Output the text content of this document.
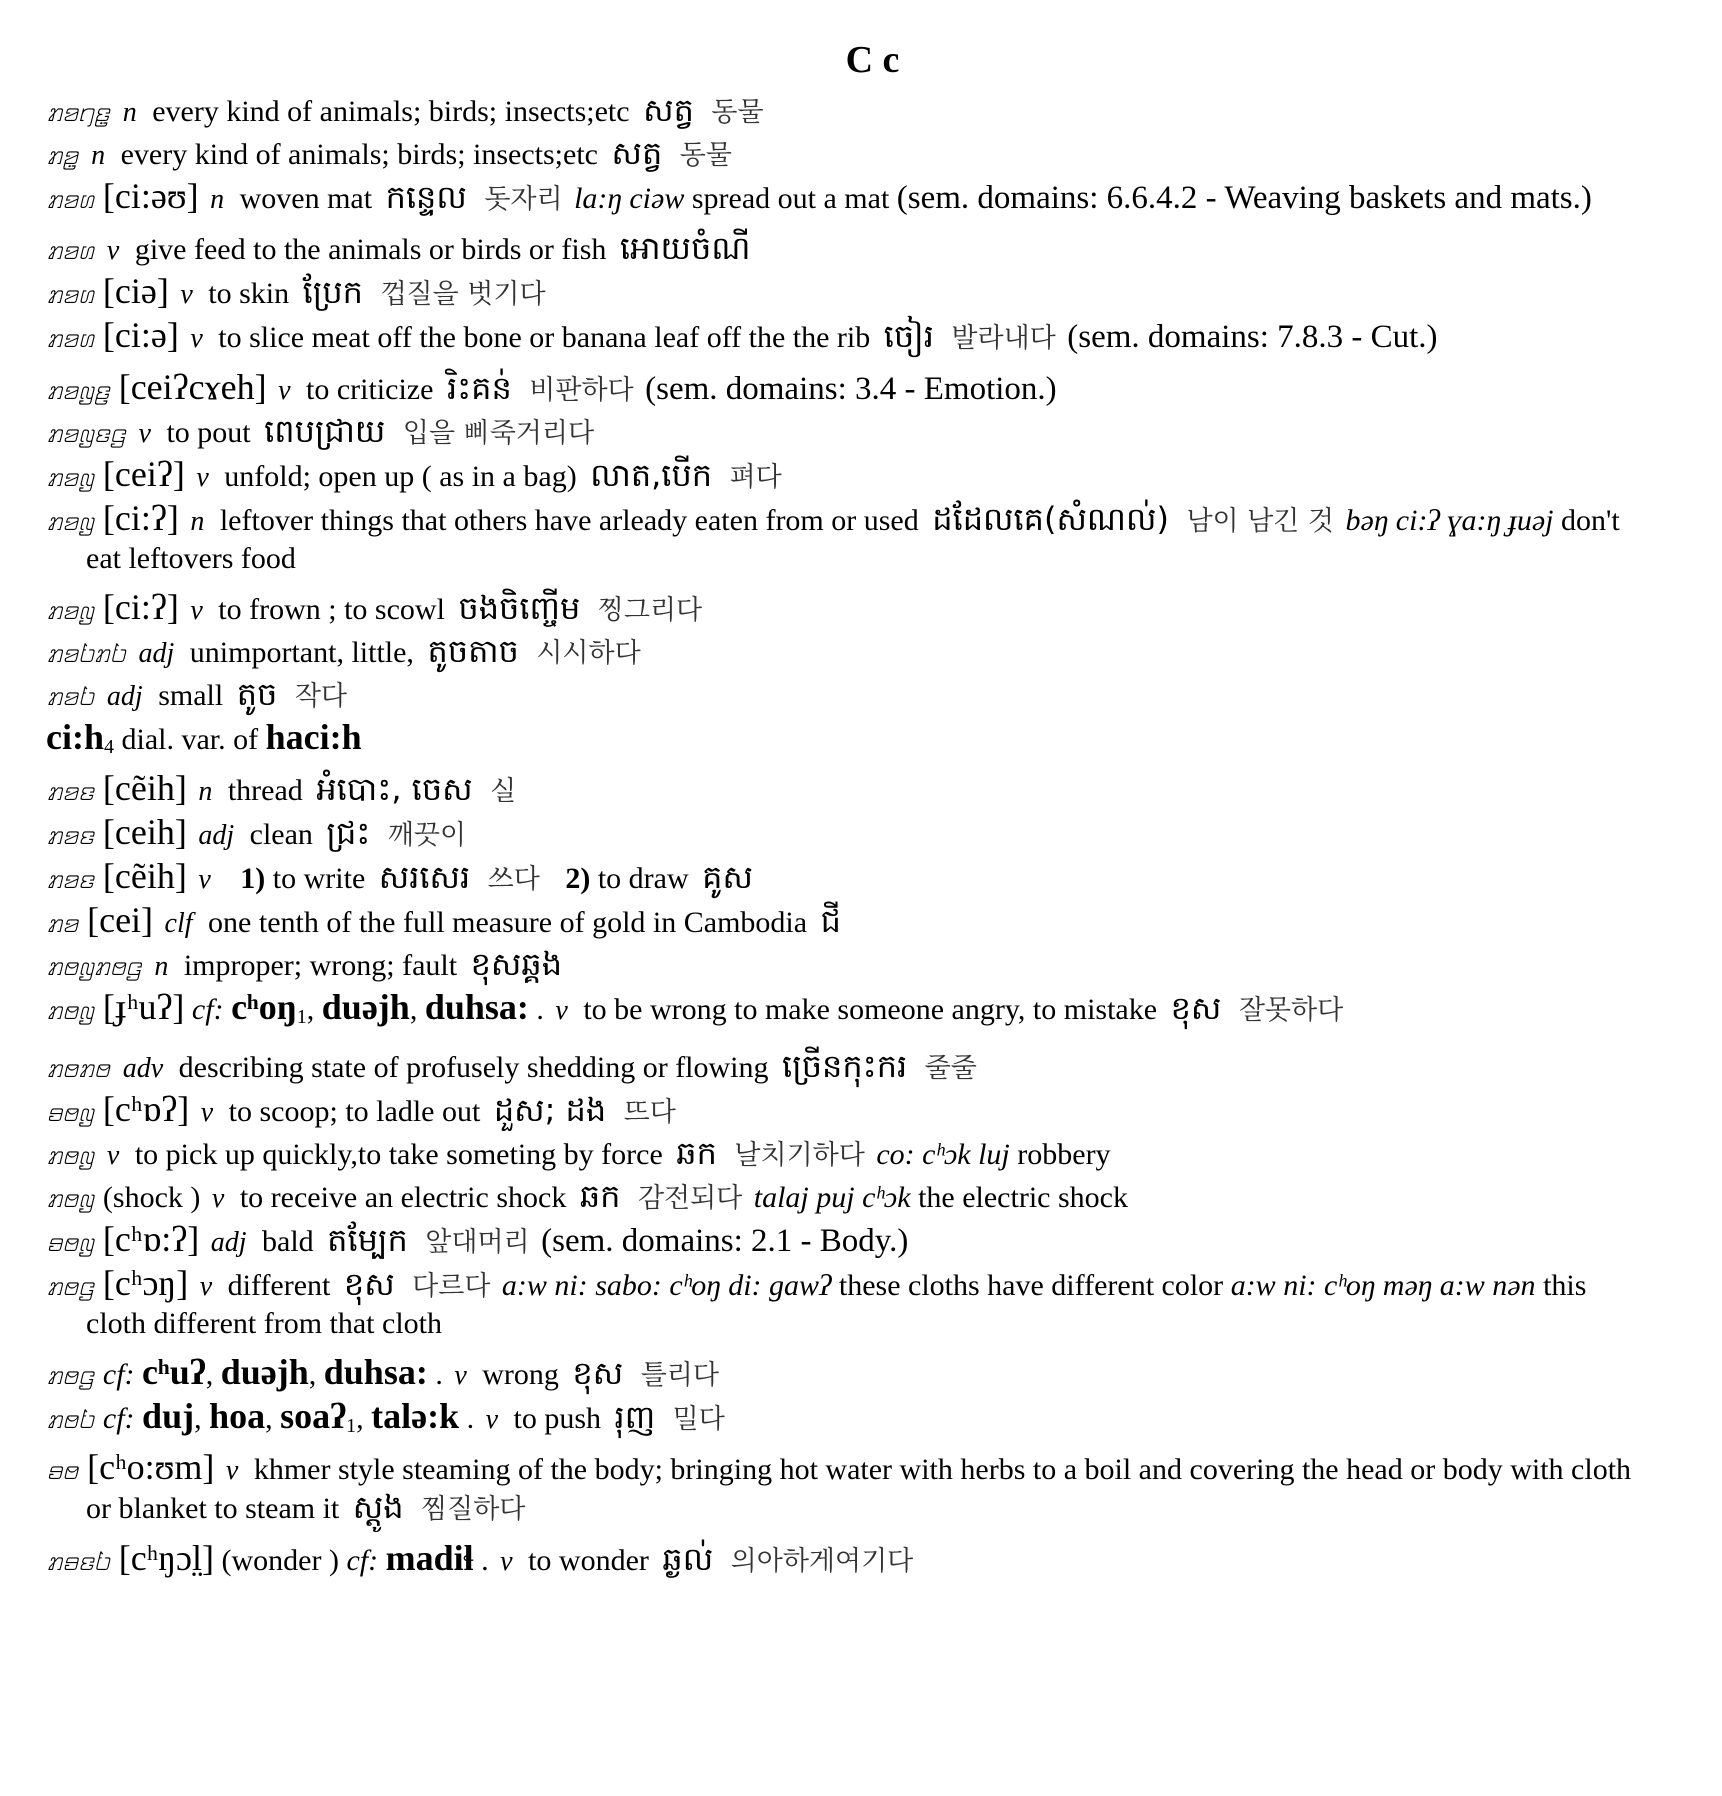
C c
ꤊꤤꤚꤢ꤭ n every kind of animals; birds; insects;etc សត្វ 동물
ꤊꤤ꤭ n every kind of animals; birds; insects;etc សត្វ 동물
ꤊꤤꤛ [ci:əʊ] n woven mat កន្ទេល 돗자리 la:ŋ ciəw spread out a mat (sem. domains: 6.6.4.2 - Weaving baskets and mats.)
ꤊꤤꤛ v give feed to the animals or birds or fish អោយចំណី
ꤊꤤꤛ [ciə] v to skin ប្រែក 껍질을 벗기다
ꤊꤤꤛ [ci:ə] v to slice meat off the bone or banana leaf off the the rib ចៀរ 발라내다 (sem. domains: 7.8.3 - Cut.)
ꤊꤤꤜꤢ꤬ [ceiʔcɤeh] v to criticize រិះគន់ 비판하다 (sem. domains: 3.4 - Emotion.)
ꤊꤤꤜꤢꤞ v to pout ពេបជ្រាយ 입을 삐죽거리다
ꤊꤤꤜ [ceiʔ] v unfold; open up ( as in a bag) លាត,បើក 펴다
ꤊꤤꤜ [ci:ʔ] n leftover things that others have arleady eaten from or used ដដែលគេ(សំណល់) 남이 남긴 것 bəŋ ci:ʔ ɣa:ŋ ɟuəj don't eat leftovers food
ꤊꤤꤜ [ci:ʔ] v to frown ; to scowl ចងចិញ្ចើម 찡그리다
ꤊꤤꤝꤊꤝ adj unimportant, little, តូចតាច 시시하다
ꤊꤤꤝ adj small តូច 작다
$ci:h_4$ dial. var. of haci:h
ꤊꤤꤢ [cẽih] n thread អំបោះ, ចេស 실
ꤊꤤꤢ [ceih] adj clean ជ្រះ 깨끗이
ꤊꤤꤢ [cẽih] v 1) to write សរសេរ 쓰다 2) to draw គូស
ꤊꤤ [cei] clf one tenth of the full measure of gold in Cambodia ជី
ꤊꤥꤜꤊꤥꤞ n improper; wrong; fault ខុសឆ្គង
ꤊꤥꤜ [ɟʰuʔ] cf: cʰoŋ$_1$, duəjh, duhsa: . v to be wrong to make someone angry, to mistake ខុស 잘못하다
ꤊꤥꤊꤥ adv describing state of profusely shedding or flowing ច្រើនកុះករ 줄줄
ꤋꤥꤜ [cʰɒʔ] v to scoop; to ladle out ដួស; ដង 뜨다
ꤊꤥꤜ v to pick up quickly,to take someting by force ឆក 날치기하다 co: cʰɔk luj robbery
ꤊꤥꤜ (shock ) v to receive an electric shock ឆក 감전되다 talaj puj cʰɔk the electric shock
ꤋꤥꤜ [cʰɒ:ʔ] adj bald តម្បែក 앞대머리 (sem. domains: 2.1 - Body.)
ꤊꤥꤞ [cʰɔŋ] v different ខុស 다르다 a:w ni: sabo: cʰoŋ di: gawʔ these cloths have different color a:w ni: cʰoŋ məŋ a:w nən this cloth different from that cloth
ꤊꤥꤞ cf: cʰuʔ, duəjh, duhsa: . v wrong ខុស 틀리다
ꤊꤥꤝ cf: duj, hoa, soaʔ$_1$, talə:k . v to push រុញ 밀다
ꤋꤥ [cʰo:ʊm] v khmer style steaming of the body; bringing hot water with herbs to a boil and covering the head or body with cloth or blanket to steam it ស្ដូង 찜질하다
ꤊꤋꤢꤝ [cʰŋɔl̤] (wonder ) cf: madiɬ . v to wonder ឆ្ងល់ 의아하게여기다
